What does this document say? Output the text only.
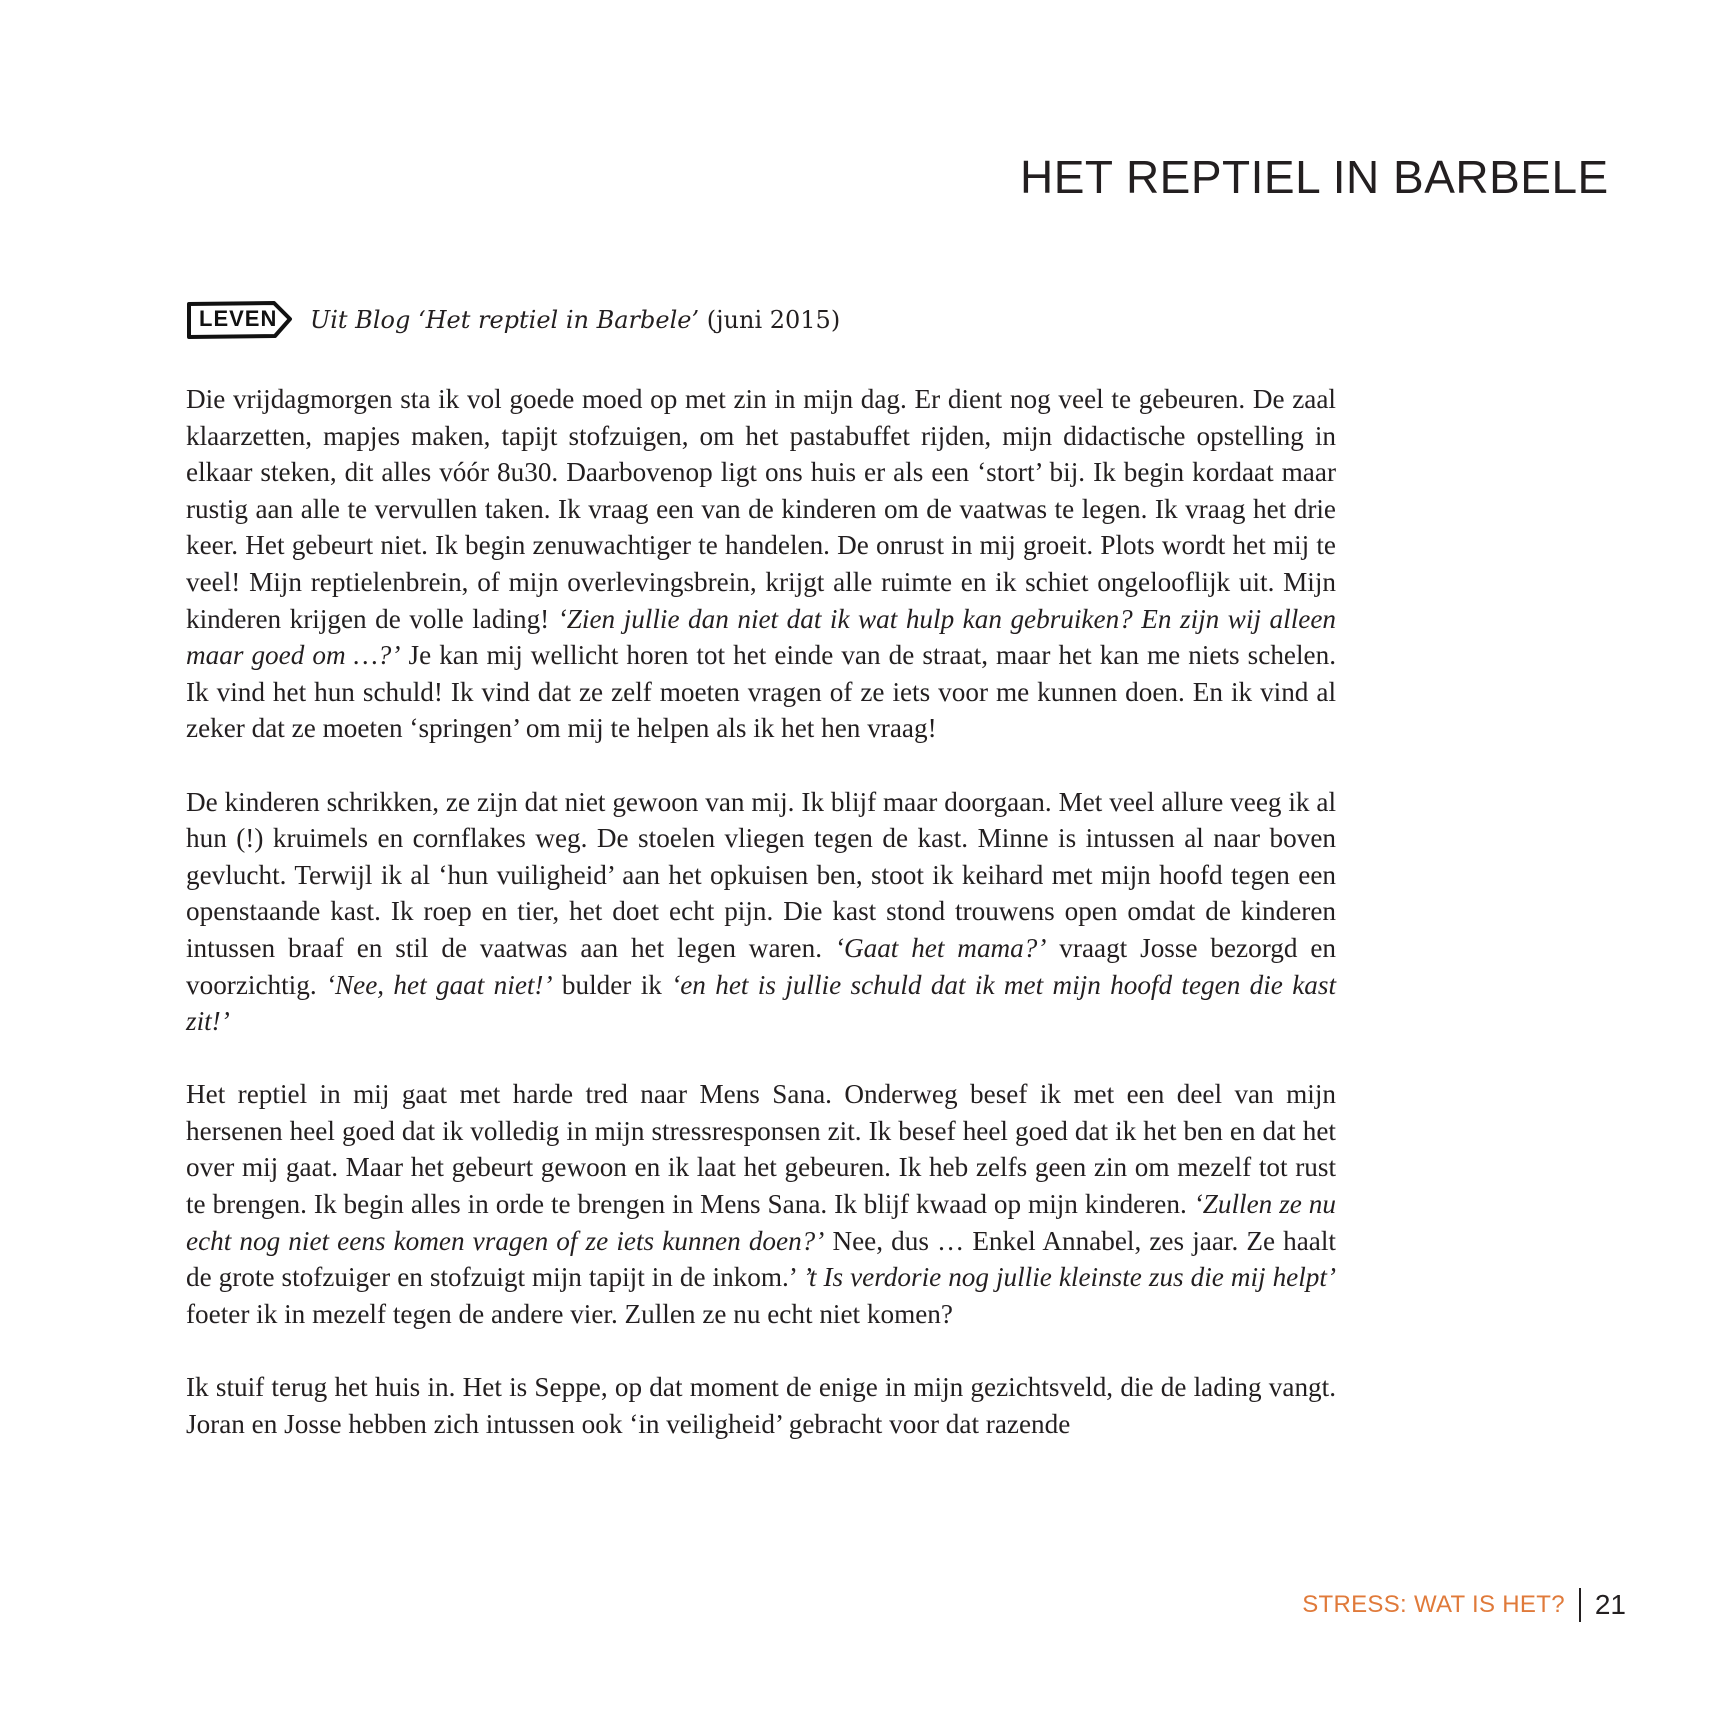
HET REPTIEL IN BARBELE
LEVEN Uit Blog ‘Het reptiel in Barbele’ (juni 2015)

Die vrijdagmorgen sta ik vol goede moed op met zin in mijn dag. Er dient nog veel te gebeuren. De zaal klaarzetten, mapjes maken, tapijt stofzuigen, om het pastabuffet rijden, mijn didactische opstelling in elkaar steken, dit alles vóór 8u30. Daarbovenop ligt ons huis er als een ‘stort’ bij. Ik begin kordaat maar rustig aan alle te vervullen taken. Ik vraag een van de kinderen om de vaatwas te legen. Ik vraag het drie keer. Het gebeurt niet. Ik begin zenuwachtiger te handelen. De onrust in mij groeit. Plots wordt het mij te veel! Mijn reptielenbrein, of mijn overlevingsbrein, krijgt alle ruimte en ik schiet ongelooflijk uit. Mijn kinderen krijgen de volle lading! ‘Zien jullie dan niet dat ik wat hulp kan gebruiken? En zijn wij alleen maar goed om …?’ Je kan mij wellicht horen tot het einde van de straat, maar het kan me niets schelen. Ik vind het hun schuld! Ik vind dat ze zelf moeten vragen of ze iets voor me kunnen doen. En ik vind al zeker dat ze moeten ‘springen’ om mij te helpen als ik het hen vraag!

De kinderen schrikken, ze zijn dat niet gewoon van mij. Ik blijf maar doorgaan. Met veel allure veeg ik al hun (!) kruimels en cornflakes weg. De stoelen vliegen tegen de kast. Minne is intussen al naar boven gevlucht. Terwijl ik al ‘hun vuiligheid’ aan het opkuisen ben, stoot ik keihard met mijn hoofd tegen een openstaande kast. Ik roep en tier, het doet echt pijn. Die kast stond trouwens open omdat de kinderen intussen braaf en stil de vaatwas aan het legen waren. ‘Gaat het mama?’ vraagt Josse bezorgd en voorzichtig. ‘Nee, het gaat niet!’ bulder ik ‘en het is jullie schuld dat ik met mijn hoofd tegen die kast zit!’

Het reptiel in mij gaat met harde tred naar Mens Sana. Onderweg besef ik met een deel van mijn hersenen heel goed dat ik volledig in mijn stressresponsen zit. Ik besef heel goed dat ik het ben en dat het over mij gaat. Maar het gebeurt gewoon en ik laat het gebeuren. Ik heb zelfs geen zin om mezelf tot rust te brengen. Ik begin alles in orde te brengen in Mens Sana. Ik blijf kwaad op mijn kinderen. ‘Zullen ze nu echt nog niet eens komen vragen of ze iets kunnen doen?’ Nee, dus … Enkel Annabel, zes jaar. Ze haalt de grote stofzuiger en stofzuigt mijn tapijt in de inkom.’ ’t Is verdorie nog jullie kleinste zus die mij helpt’ foeter ik in mezelf tegen de andere vier. Zullen ze nu echt niet komen?

Ik stuif terug het huis in. Het is Seppe, op dat moment de enige in mijn gezichtsveld, die de lading vangt. Joran en Josse hebben zich intussen ook ‘in veiligheid’ gebracht voor dat razende

STRESS: WAT IS HET? 21
